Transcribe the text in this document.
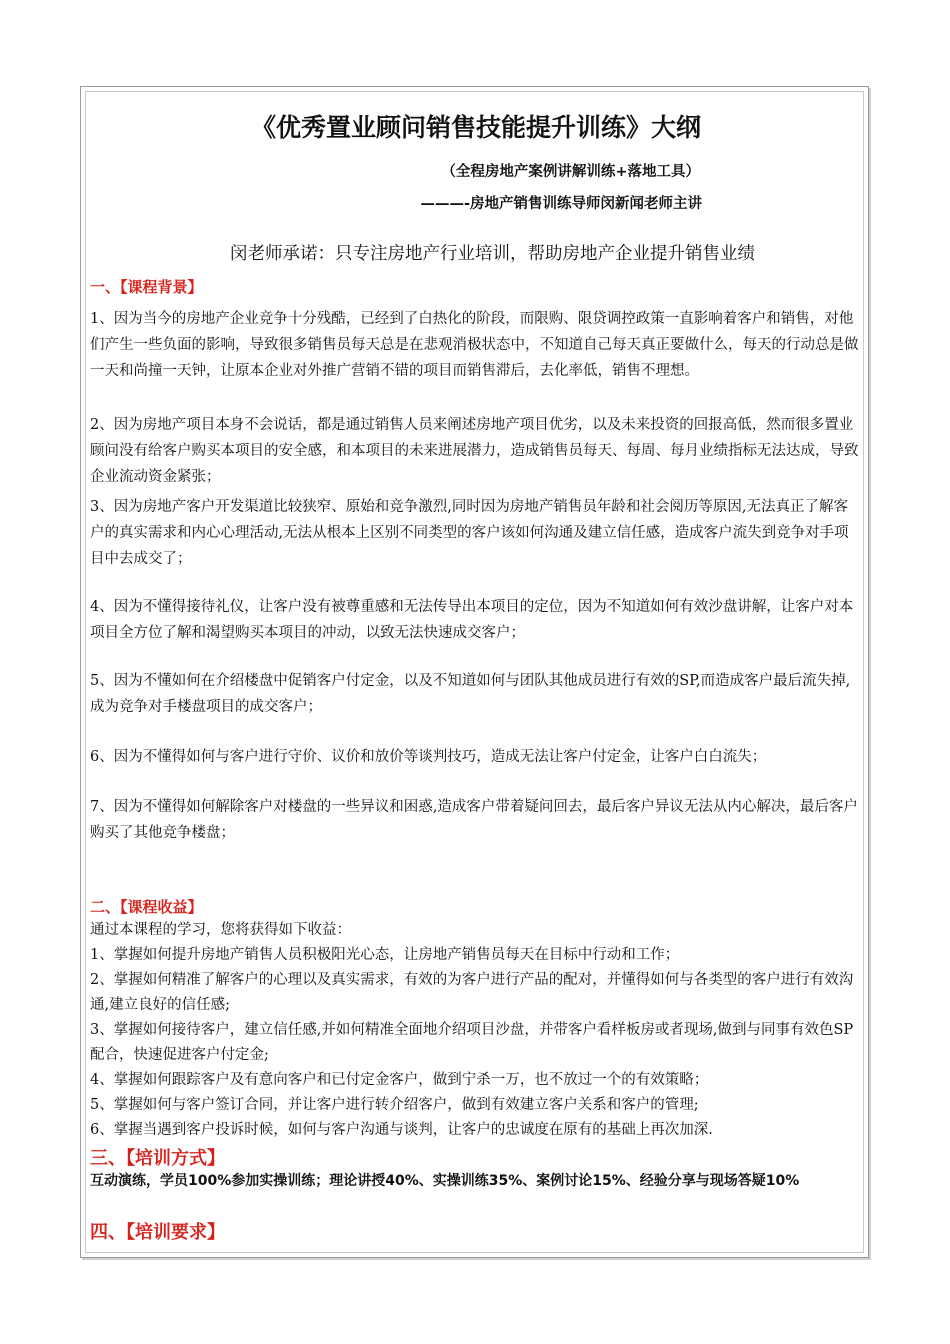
《优秀置业顾问销售技能提升训练》大纲
（全程房地产案例讲解训练+落地工具）
———-房地产销售训练导师闵新闻老师主讲
闵老师承诺：只专注房地产行业培训，帮助房地产企业提升销售业绩
一、【课程背景】
1、因为当今的房地产企业竞争十分残酷，已经到了白热化的阶段，而限购、限贷调控政策一直影响着客户和销售，对他们产生一些负面的影响，导致很多销售员每天总是在悲观消极状态中，不知道自己每天真正要做什么，每天的行动总是做一天和尚撞一天钟，让原本企业对外推广营销不错的项目而销售滞后，去化率低，销售不理想。
2、因为房地产项目本身不会说话，都是通过销售人员来阐述房地产项目优劣，以及未来投资的回报高低，然而很多置业顾问没有给客户购买本项目的安全感，和本项目的未来进展潜力，造成销售员每天、每周、每月业绩指标无法达成，导致企业流动资金紧张；
3、因为房地产客户开发渠道比较狭窄、原始和竞争激烈,同时因为房地产销售员年龄和社会阅历等原因,无法真正了解客户的真实需求和内心心理活动,无法从根本上区别不同类型的客户该如何沟通及建立信任感，造成客户流失到竞争对手项目中去成交了；
4、因为不懂得接待礼仪，让客户没有被尊重感和无法传导出本项目的定位，因为不知道如何有效沙盘讲解，让客户对本项目全方位了解和渴望购买本项目的冲动，以致无法快速成交客户；
5、因为不懂如何在介绍楼盘中促销客户付定金，以及不知道如何与团队其他成员进行有效的SP,而造成客户最后流失掉,成为竞争对手楼盘项目的成交客户；
6、因为不懂得如何与客户进行守价、议价和放价等谈判技巧，造成无法让客户付定金，让客户白白流失；
7、因为不懂得如何解除客户对楼盘的一些异议和困惑,造成客户带着疑问回去，最后客户异议无法从内心解决，最后客户购买了其他竞争楼盘；
二、【课程收益】
通过本课程的学习，您将获得如下收益：
1、掌握如何提升房地产销售人员积极阳光心态，让房地产销售员每天在目标中行动和工作；
2、掌握如何精准了解客户的心理以及真实需求，有效的为客户进行产品的配对，并懂得如何与各类型的客户进行有效沟通,建立良好的信任感;
3、掌握如何接待客户，建立信任感,并如何精准全面地介绍项目沙盘，并带客户看样板房或者现场,做到与同事有效色SP配合，快速促进客户付定金;
4、掌握如何跟踪客户及有意向客户和已付定金客户，做到宁杀一万，也不放过一个的有效策略；
5、掌握如何与客户签订合同，并让客户进行转介绍客户，做到有效建立客户关系和客户的管理;
6、掌握当遇到客户投诉时候，如何与客户沟通与谈判，让客户的忠诚度在原有的基础上再次加深.
三、【培训方式】
互动演练，学员100%参加实操训练；理论讲授40%、实操训练35%、案例讨论15%、经验分享与现场答疑10%
四、【培训要求】
